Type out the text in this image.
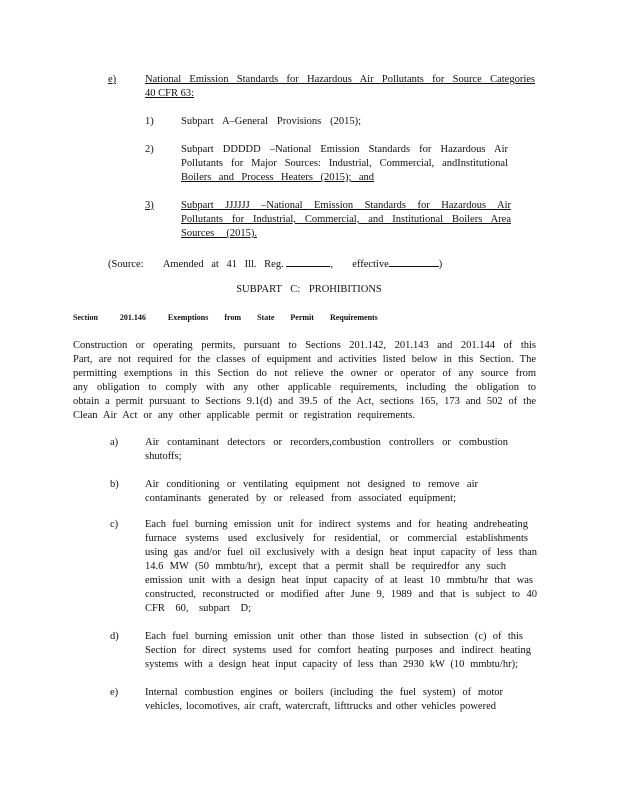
e)	National Emission Standards for Hazardous Air Pollutants for Source Categories
40 CFR 63:
1)	Subpart A–General Provisions (2015);
2)	Subpart DDDDD –National Emission Standards for Hazardous Air
Pollutants for Major Sources: Industrial, Commercial, andInstitutional
Boilers and Process Heaters (2015); and
3)	Subpart JJJJJJ –National Emission Standards for Hazardous Air
Pollutants for Industrial, Commercial, and Institutional Boilers Area
Sources (2015).
(Source: Amended at 41 Ill. Reg.	, effective	)
SUBPART C: PROHIBITIONS
Section	201.146	Exemptions from State Permit Requirements
Construction or operating permits, pursuant to Sections 201.142, 201.143 and 201.144 of this
Part, are not required for the classes of equipment and activities listed below in this Section. The
permitting exemptions in this Section do not relieve the owner or operator of any source from
any obligation to comply with any other applicable requirements, including the obligation to
obtain a permit pursuant to Sections 9.1(d) and 39.5 of the Act, sections 165, 173 and 502 of the
Clean Air Act or any other applicable permit or registration requirements.
a)	Air contaminant detectors or recorders,combustion controllers or combustion
shutoffs;
b)	Air conditioning or ventilating equipment not designed to remove air
contaminants generated by or released from associated equipment;
c)	Each fuel burning emission unit for indirect systems and for heating andreheating
furnace systems used exclusively for residential, or commercial establishments
using gas and/or fuel oil exclusively with a design heat input capacity of less than
14.6 MW (50 mmbtu/hr), except that a permit shall be requiredfor any such
emission unit with a design heat input capacity of at least 10 mmbtu/hr that was
constructed, reconstructed or modified after June 9, 1989 and that is subject to 40
CFR 60, subpart D;
d)	Each fuel burning emission unit other than those listed in subsection (c) of this
Section for direct systems used for comfort heating purposes and indirect heating
systems with a design heat input capacity of less than 2930 kW (10 mmbtu/hr);
e)	Internal combustion engines or boilers (including the fuel system) of motor
vehicles, locomotives, air craft, watercraft, lifttrucks and other vehicles powered
